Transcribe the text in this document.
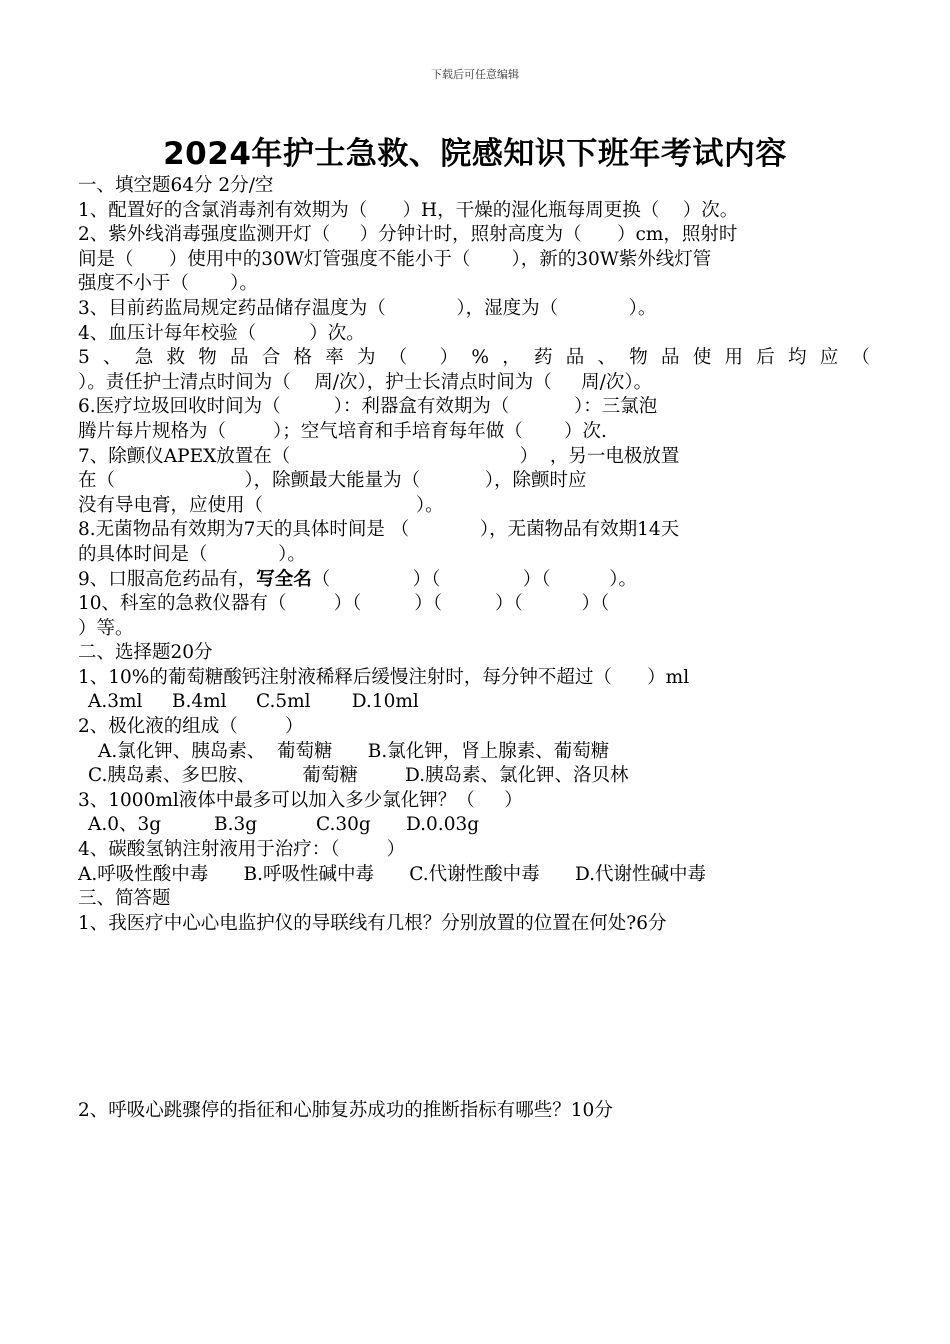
下载后可任意编辑
2024年护士急救、院感知识下班年考试内容
一、填空题64分 2分/空
1、配置好的含氯消毒剂有效期为（      ）H，干燥的湿化瓶每周更换（    ）次。
2、紫外线消毒强度监测开灯（     ）分钟计时，照射高度为（      ）cm，照射时
间是（      ）使用中的30W灯管强度不能小于（       ），新的30W紫外线灯管
强度不小于（       ）。
3、目前药监局规定药品储存温度为（            ），湿度为（            ）。
4、血压计每年校验（         ）次。
5、急救物品合格率为（ ）%，药品、物品使用后均应（
）。责任护士清点时间为（    周/次），护士长清点时间为（     周/次）。
6.医疗垃圾回收时间为（         ）：利器盒有效期为（           ）：三氯泡
腾片每片规格为（        ）；空气培育和手培育每年做（       ）次.
7、除颤仪APEX放置在（                                       ）  ，另一电极放置
在（                      ），除颤最大能量为（           ），除颤时应
没有导电膏，应使用（                          ）。
8.无菌物品有效期为7天的具体时间是 （            ），无菌物品有效期14天
的具体时间是（            ）。
9、口服高危药品有，写全名（              ）（              ）（          ）。
10、科室的急救仪器有（        ）（         ）（         ）（          ）（
）等。
二、选择题20分
1、10%的葡萄糖酸钙注射液稀释后缓慢注射时，每分钟不超过（      ）ml
A.3ml     B.4ml     C.5ml       D.10ml
2、极化液的组成（        ）
A.氯化钾、胰岛素、  葡萄糖      B.氯化钾，肾上腺素、葡萄糖
C.胰岛素、多巴胺、        葡萄糖        D.胰岛素、氯化钾、洛贝林
3、1000ml液体中最多可以加入多少氯化钾？（     ）
A.0、3g         B.3g          C.30g      D.0.03g
4、碳酸氢钠注射液用于治疗：（        ）
A.呼吸性酸中毒      B.呼吸性碱中毒      C.代谢性酸中毒      D.代谢性碱中毒
三、简答题
1、我医疗中心心电监护仪的导联线有几根？分别放置的位置在何处?6分
2、呼吸心跳骤停的指征和心肺复苏成功的推断指标有哪些？10分
